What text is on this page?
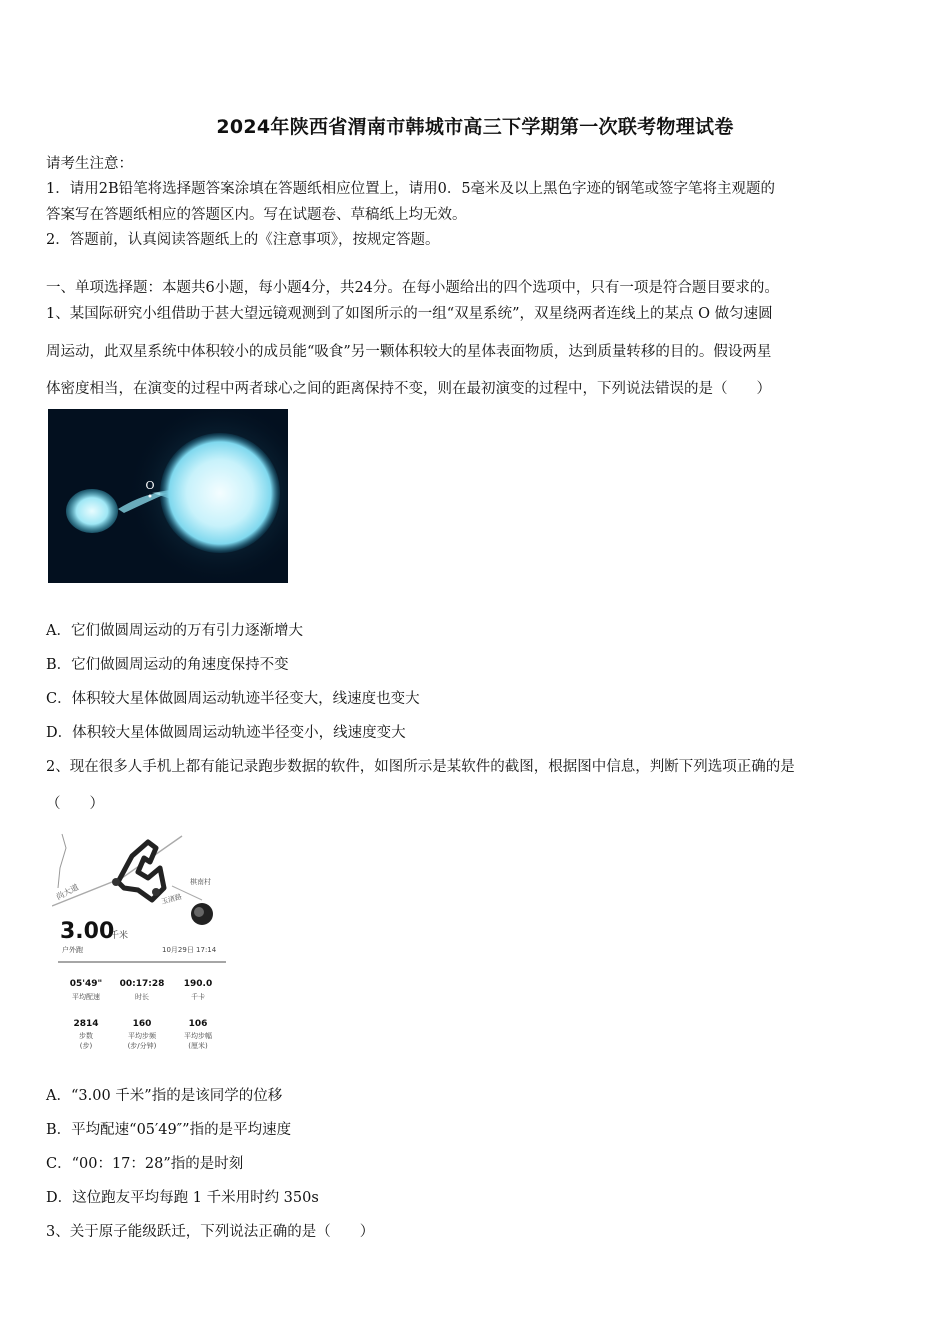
2024年陕西省渭南市韩城市高三下学期第一次联考物理试卷
请考生注意：
1．请用2B铅笔将选择题答案涂填在答题纸相应位置上，请用0．5毫米及以上黑色字迹的钢笔或签字笔将主观题的
答案写在答题纸相应的答题区内。写在试题卷、草稿纸上均无效。
2．答题前，认真阅读答题纸上的《注意事项》，按规定答题。
一、单项选择题：本题共6小题，每小题4分，共24分。在每小题给出的四个选项中，只有一项是符合题目要求的。
1、某国际研究小组借助于甚大望远镜观测到了如图所示的一组“双星系统”，双星绕两者连线上的某点 O 做匀速圆
周运动，此双星系统中体积较小的成员能“吸食”另一颗体积较大的星体表面物质，达到质量转移的目的。假设两星
体密度相当，在演变的过程中两者球心之间的距离保持不变，则在最初演变的过程中，下列说法错误的是（　　）
O
A．它们做圆周运动的万有引力逐渐增大
B．它们做圆周运动的角速度保持不变
C．体积较大星体做圆周运动轨迹半径变大，线速度也变大
D．体积较大星体做圆周运动轨迹半径变小，线速度变大
2、现在很多人手机上都有能记录跑步数据的软件，如图所示是某软件的截图，根据图中信息，判断下列选项正确的是
（　　）
尚大道	玉渚路
棋南村
3.00
千米
户外跑	10月29日 17:14
05'49"
平均配速
00:17:28
时长
190.0
千卡
2814
步数
(步)
160
平均步频
(步/分钟)
106
平均步幅
(厘米)
A．“3.00 千米”指的是该同学的位移
B．平均配速“05′49″”指的是平均速度
C．“00：17：28”指的是时刻
D．这位跑友平均每跑 1 千米用时约 350s
3、关于原子能级跃迁，下列说法正确的是（　　）
